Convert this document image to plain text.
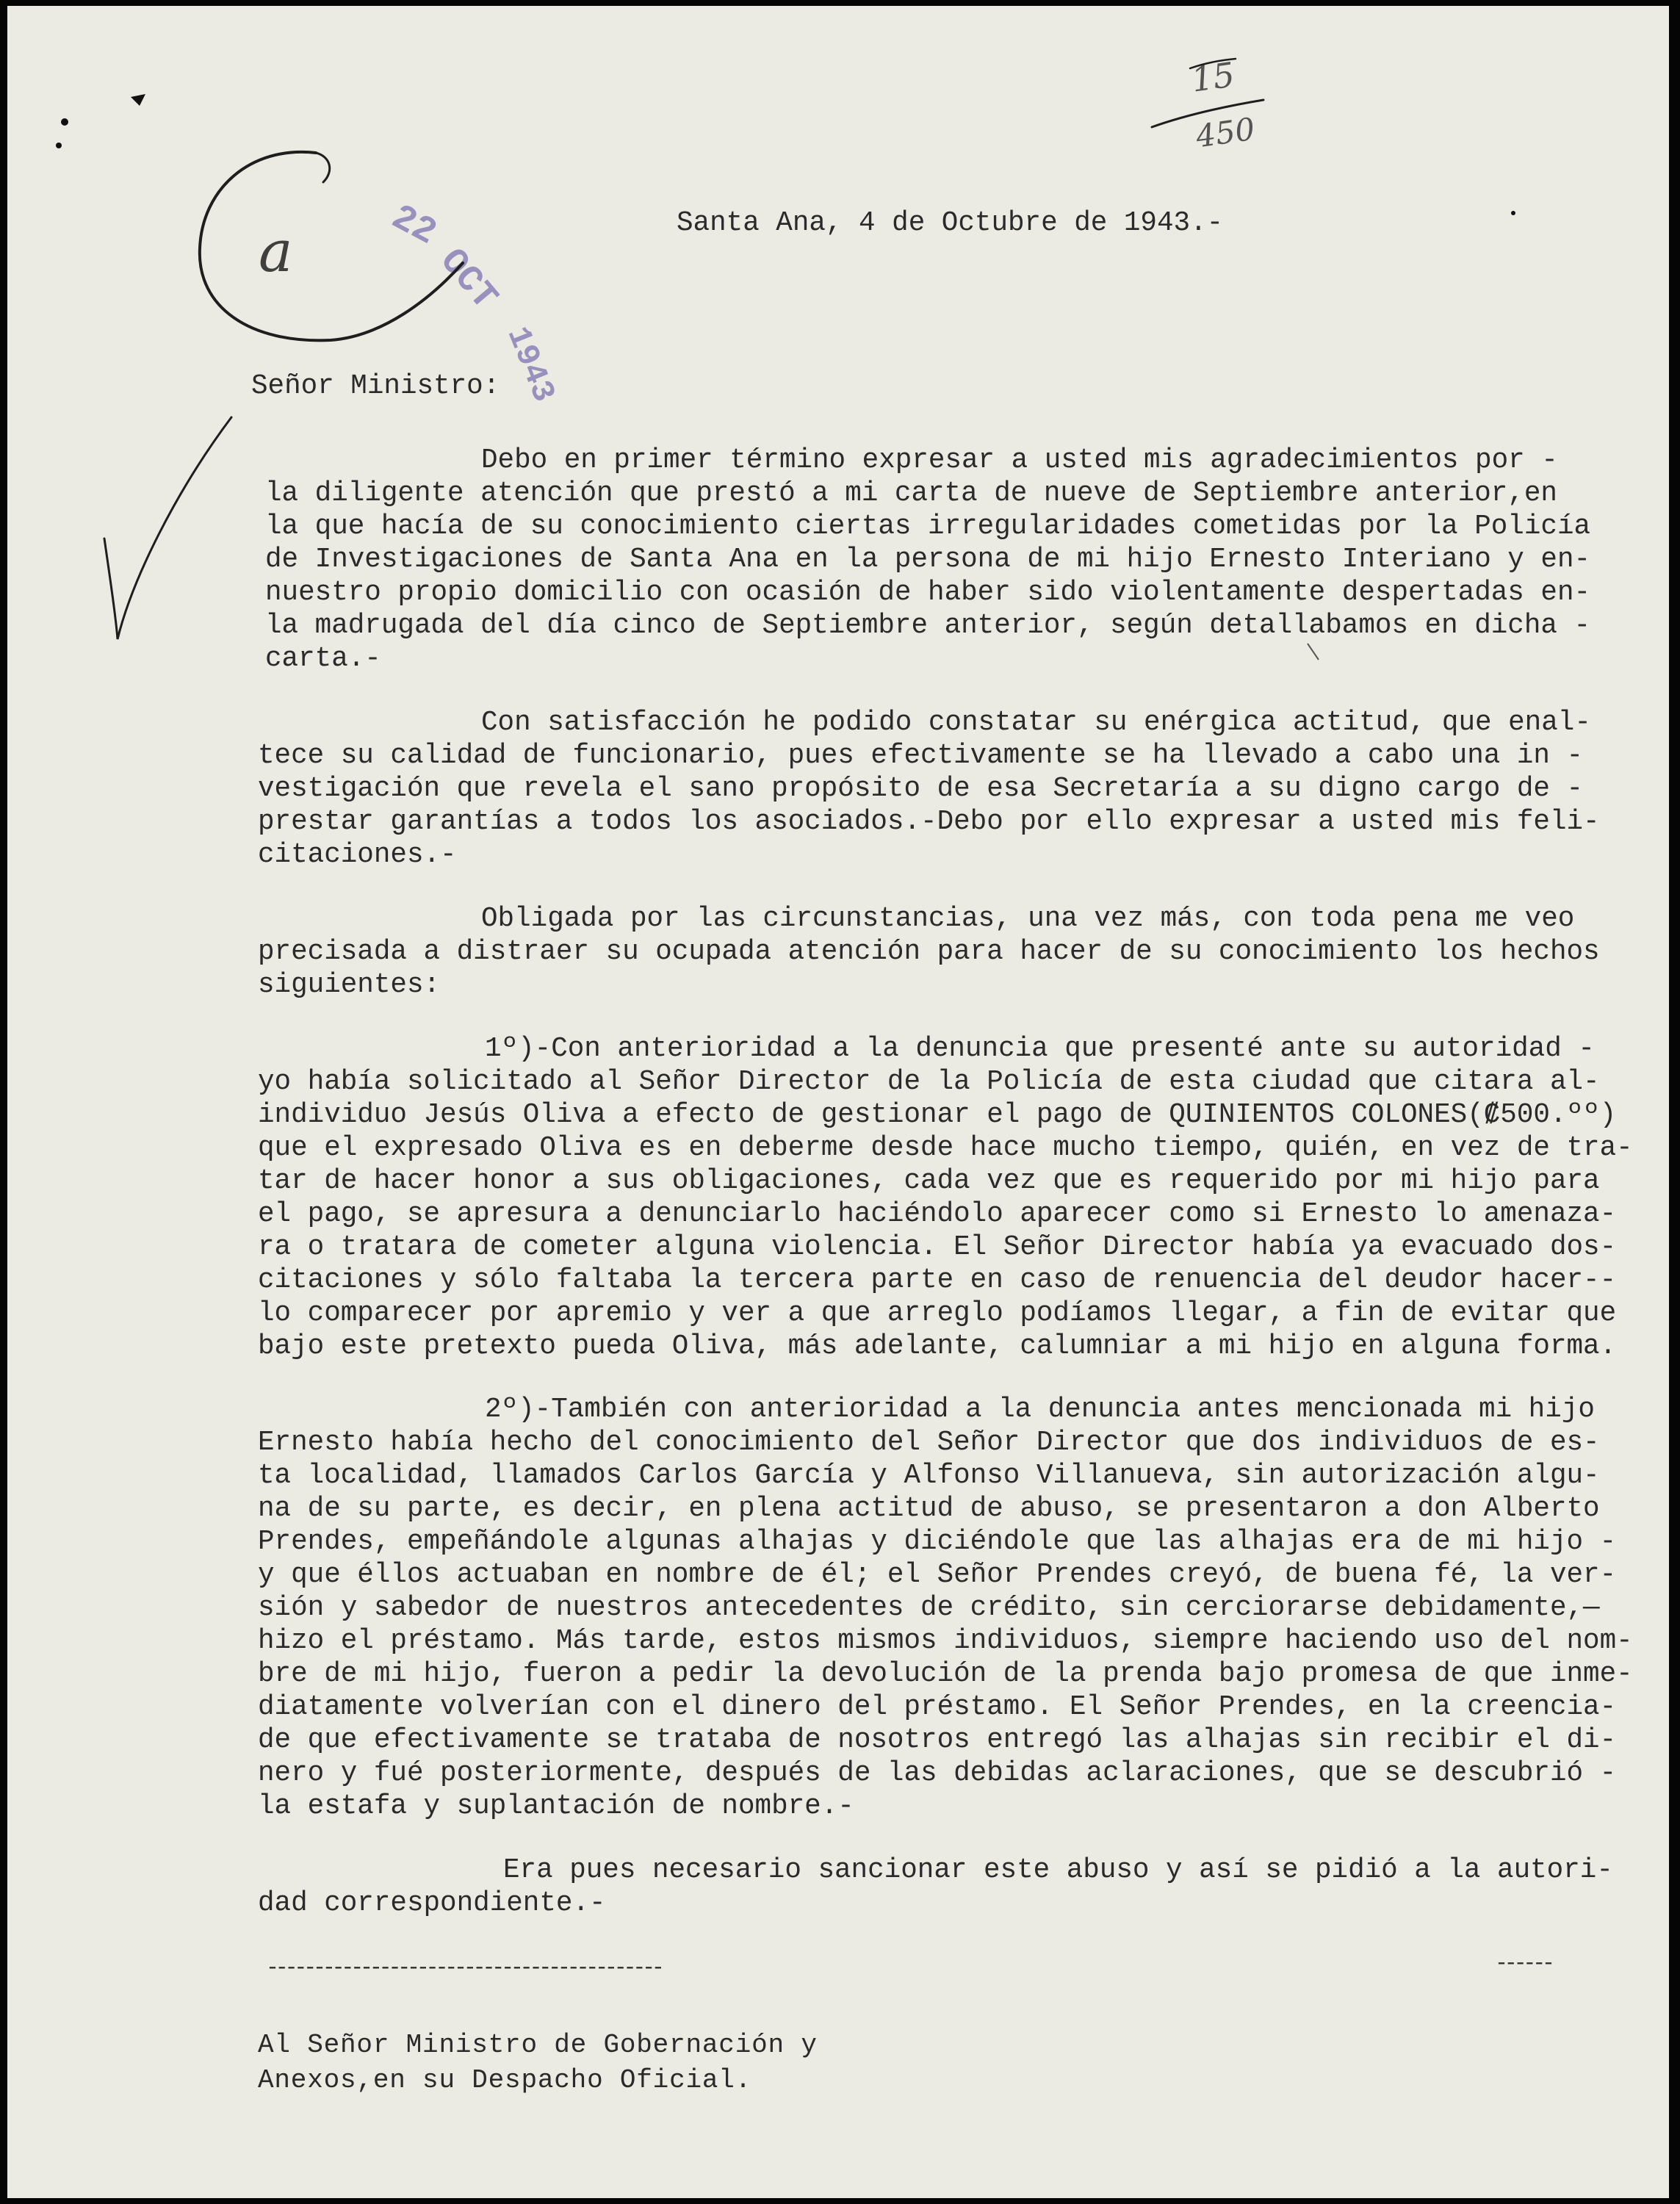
Santa Ana, 4 de Octubre de 1943.-
Señor Ministro:
Debo en primer término expresar a usted mis agradecimientos por -
la diligente atención que prestó a mi carta de nueve de Septiembre anterior,en
la que hacía de su conocimiento ciertas irregularidades cometidas por la Policía
de Investigaciones de Santa Ana en la persona de mi hijo Ernesto Interiano y en-
nuestro propio domicilio con ocasión de haber sido violentamente despertadas en-
la madrugada del día cinco de Septiembre anterior, según detallabamos en dicha -
carta.-
Con satisfacción he podido constatar su enérgica actitud, que enal-
tece su calidad de funcionario, pues efectivamente se ha llevado a cabo una in -
vestigación que revela el sano propósito de esa Secretaría a su digno cargo de -
prestar garantías a todos los asociados.-Debo por ello expresar a usted mis feli-
citaciones.-
Obligada por las circunstancias, una vez más, con toda pena me veo
precisada a distraer su ocupada atención para hacer de su conocimiento los hechos
siguientes:
1º)-Con anterioridad a la denuncia que presenté ante su autoridad -
yo había solicitado al Señor Director de la Policía de esta ciudad que citara al-
individuo Jesús Oliva a efecto de gestionar el pago de QUINIENTOS COLONES(₡500.ºº)
que el expresado Oliva es en deberme desde hace mucho tiempo, quién, en vez de tra-
tar de hacer honor a sus obligaciones, cada vez que es requerido por mi hijo para
el pago, se apresura a denunciarlo haciéndolo aparecer como si Ernesto lo amenaza-
ra o tratara de cometer alguna violencia. El Señor Director había ya evacuado dos-
citaciones y sólo faltaba la tercera parte en caso de renuencia del deudor hacer--
lo comparecer por apremio y ver a que arreglo podíamos llegar, a fin de evitar que
bajo este pretexto pueda Oliva, más adelante, calumniar a mi hijo en alguna forma.
2º)-También con anterioridad a la denuncia antes mencionada mi hijo
Ernesto había hecho del conocimiento del Señor Director que dos individuos de es-
ta localidad, llamados Carlos García y Alfonso Villanueva, sin autorización algu-
na de su parte, es decir, en plena actitud de abuso, se presentaron a don Alberto
Prendes, empeñándole algunas alhajas y diciéndole que las alhajas era de mi hijo -
y que éllos actuaban en nombre de él; el Señor Prendes creyó, de buena fé, la ver-
sión y sabedor de nuestros antecedentes de crédito, sin cerciorarse debidamente,—
hizo el préstamo. Más tarde, estos mismos individuos, siempre haciendo uso del nom-
bre de mi hijo, fueron a pedir la devolución de la prenda bajo promesa de que inme-
diatamente volverían con el dinero del préstamo. El Señor Prendes, en la creencia-
de que efectivamente se trataba de nosotros entregó las alhajas sin recibir el di-
nero y fué posteriormente, después de las debidas aclaraciones, que se descubrió -
la estafa y suplantación de nombre.-
Era pues necesario sancionar este abuso y así se pidió a la autori-
dad correspondiente.-
------------------------------------------	------
Al Señor Ministro de Gobernación y
Anexos,en su Despacho Oficial.
22
OCT
1943
15
450
a
